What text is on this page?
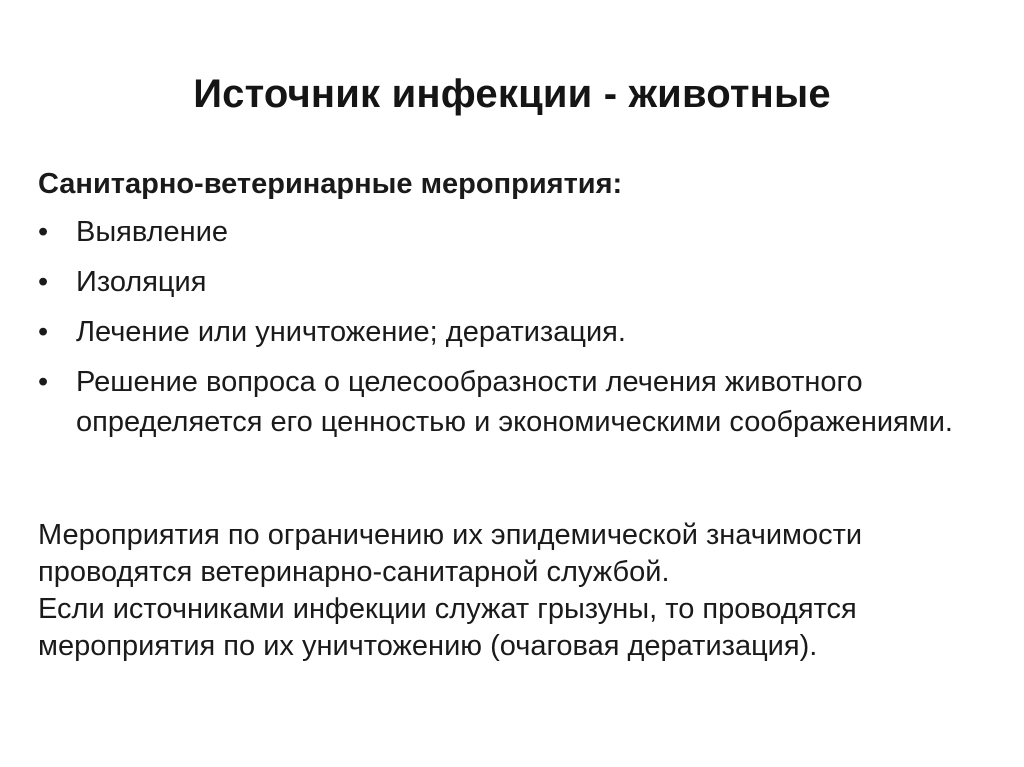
Источник инфекции - животные
Санитарно-ветеринарные мероприятия:
• Выявление
• Изоляция
• Лечение или уничтожение; дератизация.
• Решение вопроса о целесообразности лечения животного определяется его ценностью и экономическими соображениями.

Мероприятия по ограничению их эпидемической значимости проводятся ветеринарно-санитарной службой.

Если источниками инфекции служат грызуны, то проводятся мероприятия по их уничтожению (очаговая дератизация).
